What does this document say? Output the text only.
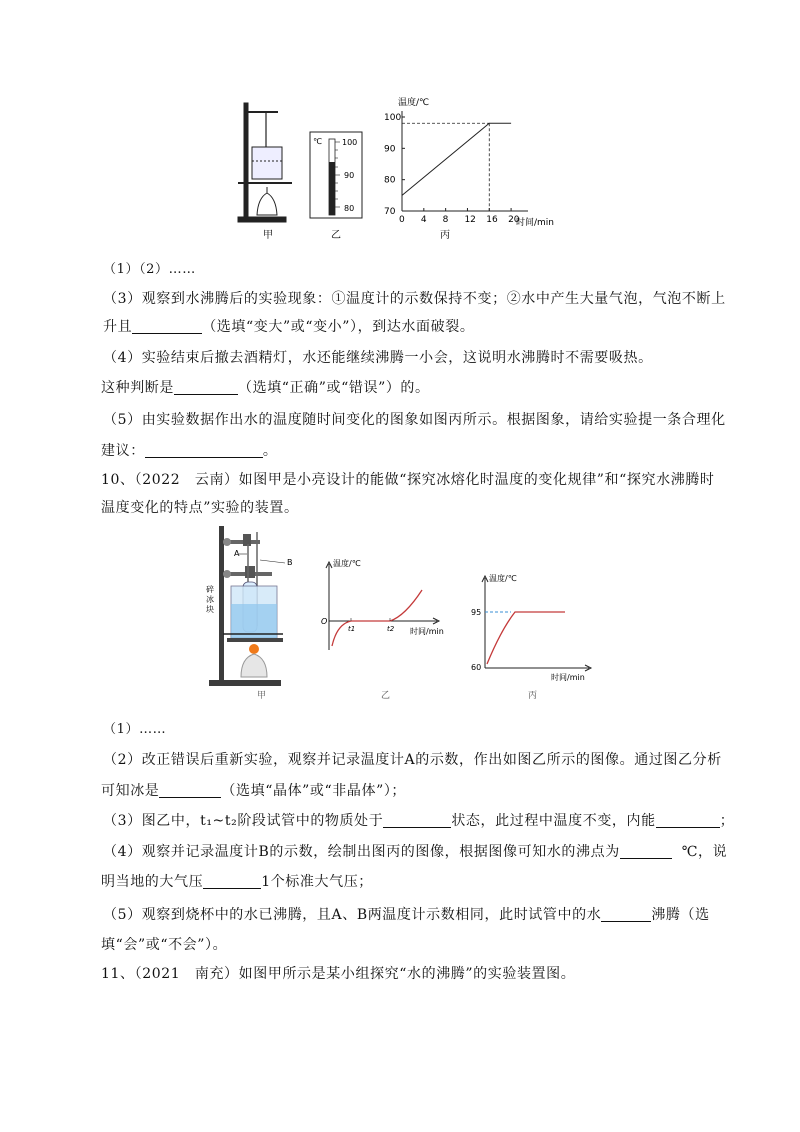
甲
℃	100
90
80
乙
70
80
90
100
0 4 8 12 16 20
温度/℃
时间/min
丙
（1）（2）……
（3）观察到水沸腾后的实验现象：①温度计的示数保持不变；②水中产生大量气泡，气泡不断上
升且	（选填“变大”或“变小”），到达水面破裂。
（4）实验结束后撤去酒精灯，水还能继续沸腾一小会，这说明水沸腾时不需要吸热。
这种判断是	（选填“正确”或“错误”）的。
（5）由实验数据作出水的温度随时间变化的图象如图丙所示。根据图象，请给实验提一条合理化
建议：	。
10、（2022　云南）如图甲是小亮设计的能做“探究冰熔化时温度的变化规律”和“探究水沸腾时
温度变化的特点”实验的装置。
A
B
碎
冰
块
甲
温度/℃
O
t1	t2 时间/min
乙
温度/℃
95
60
时间/min
丙
（1）……
（2）改正错误后重新实验，观察并记录温度计A的示数，作出如图乙所示的图像。通过图乙分析
可知冰是	（选填“晶体”或“非晶体”）；
（3）图乙中，t₁~t₂阶段试管中的物质处于	状态，此过程中温度不变，内能	；
（4）观察并记录温度计B的示数，绘制出图丙的图像，根据图像可知水的沸点为	℃，说
明当地的大气压	1个标准大气压；
（5）观察到烧杯中的水已沸腾，且A、B两温度计示数相同，此时试管中的水	沸腾（选
填“会”或“不会”）。
11、（2021　南充）如图甲所示是某小组探究“水的沸腾”的实验装置图。
